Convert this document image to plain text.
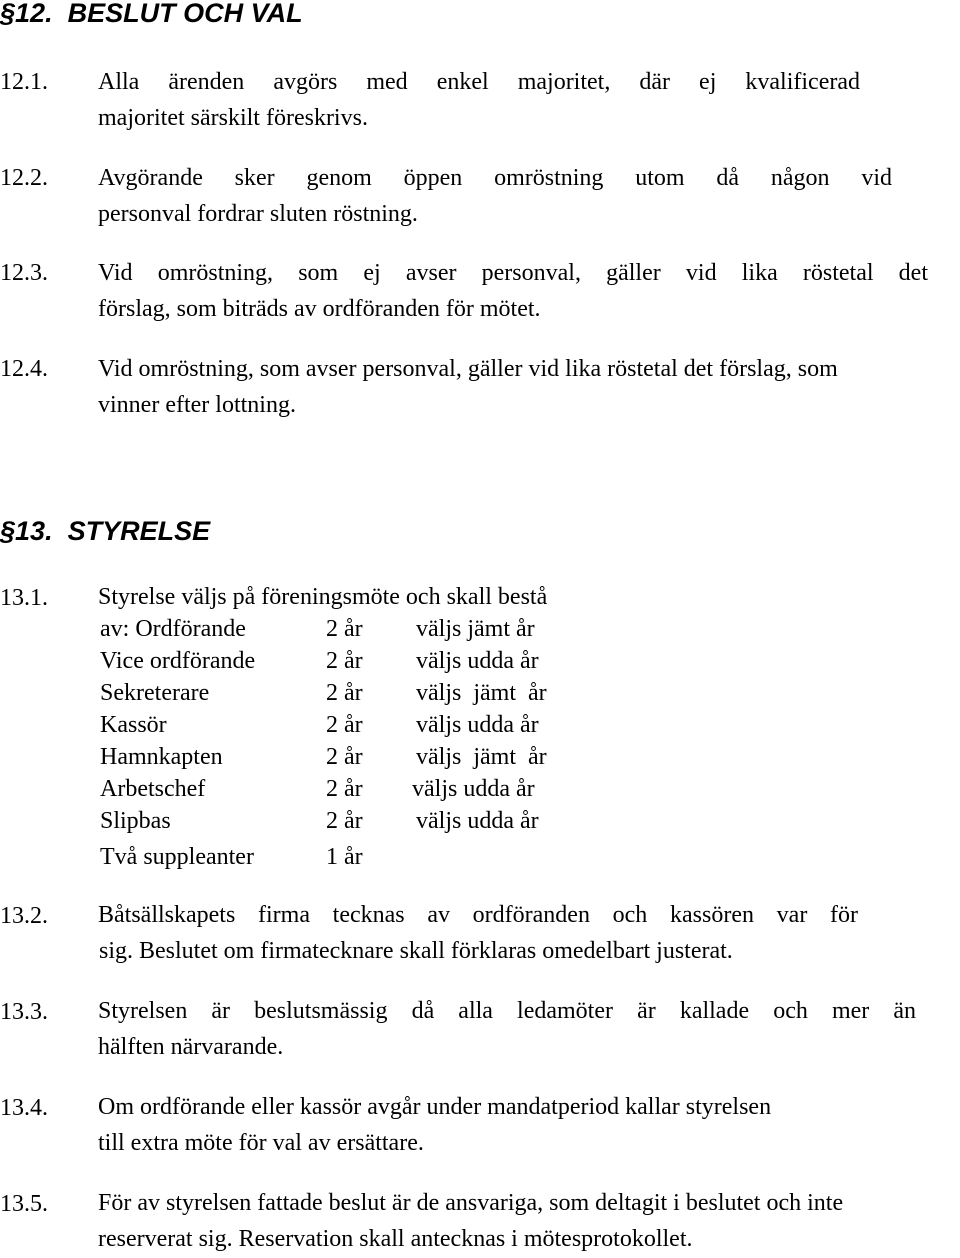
§12. BESLUT OCH VAL
12.1. Alla ärenden avgörs med enkel majoritet, där ej kvalificerad
majoritet särskilt föreskrivs.
12.2. Avgörande sker genom öppen omröstning utom då någon vid
personval fordrar sluten röstning.
12.3. Vid omröstning, som ej avser personval, gäller vid lika röstetal det
förslag, som biträds av ordföranden för mötet.
12.4. Vid omröstning, som avser personval, gäller vid lika röstetal det förslag, som
vinner efter lottning.
§13. STYRELSE
13.1. Styrelse väljs på föreningsmöte och skall bestå
av: Ordförande	2 år väljs jämt år
Vice ordförande	2 år väljs udda år
Sekreterare	2 år väljs  jämt  år
Kassör	2 år väljs udda år
Hamnkapten	2 år väljs  jämt  år
Arbetschef	2 år väljs udda år
Slipbas	2 år väljs udda år
Två suppleanter	1 år
13.2. Båtsällskapets firma tecknas av ordföranden och kassören var för
sig. Beslutet om firmatecknare skall förklaras omedelbart justerat.
13.3. Styrelsen är beslutsmässig då alla ledamöter är kallade och mer än
hälften närvarande.
13.4. Om ordförande eller kassör avgår under mandatperiod kallar styrelsen
till extra möte för val av ersättare.
13.5. För av styrelsen fattade beslut är de ansvariga, som deltagit i beslutet och inte
reserverat sig. Reservation skall antecknas i mötesprotokollet.
